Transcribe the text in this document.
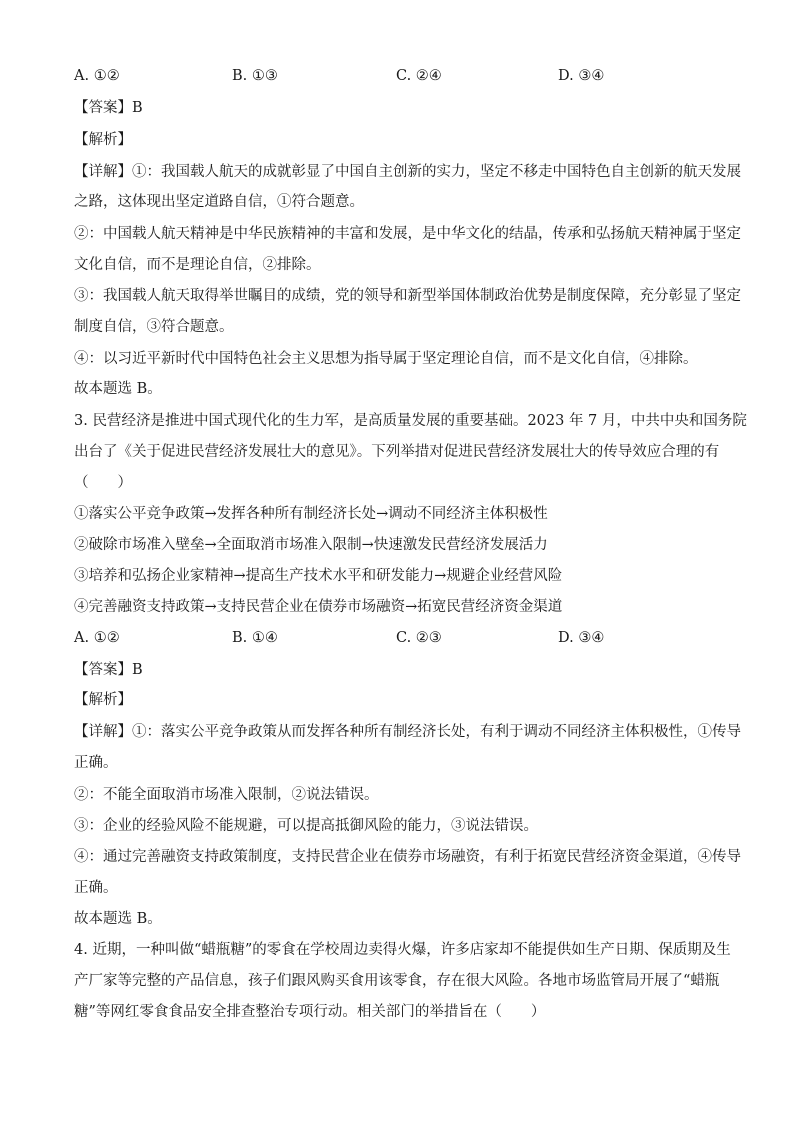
A. ①②	B. ①③	C. ②④	D. ③④
【答案】B
【解析】
【详解】①：我国载人航天的成就彰显了中国自主创新的实力，坚定不移走中国特色自主创新的航天发展
之路，这体现出坚定道路自信，①符合题意。
②：中国载人航天精神是中华民族精神的丰富和发展，是中华文化的结晶，传承和弘扬航天精神属于坚定
文化自信，而不是理论自信，②排除。
③：我国载人航天取得举世瞩目的成绩，党的领导和新型举国体制政治优势是制度保障，充分彰显了坚定
制度自信，③符合题意。
④：以习近平新时代中国特色社会主义思想为指导属于坚定理论自信，而不是文化自信，④排除。
故本题选 B。
3. 民营经济是推进中国式现代化的生力军，是高质量发展的重要基础。2023 年 7 月，中共中央和国务院
出台了《关于促进民营经济发展壮大的意见》。下列举措对促进民营经济发展壮大的传导效应合理的有
（　　）
①落实公平竞争政策→发挥各种所有制经济长处→调动不同经济主体积极性
②破除市场准入壁垒→全面取消市场准入限制→快速激发民营经济发展活力
③培养和弘扬企业家精神→提高生产技术水平和研发能力→规避企业经营风险
④完善融资支持政策→支持民营企业在债券市场融资→拓宽民营经济资金渠道
A. ①②	B. ①④	C. ②③	D. ③④
【答案】B
【解析】
【详解】①：落实公平竞争政策从而发挥各种所有制经济长处，有利于调动不同经济主体积极性，①传导
正确。
②：不能全面取消市场准入限制，②说法错误。
③：企业的经验风险不能规避，可以提高抵御风险的能力，③说法错误。
④：通过完善融资支持政策制度，支持民营企业在债券市场融资，有利于拓宽民营经济资金渠道，④传导
正确。
故本题选 B。
4. 近期，一种叫做“蜡瓶糖”的零食在学校周边卖得火爆，许多店家却不能提供如生产日期、保质期及生
产厂家等完整的产品信息，孩子们跟风购买食用该零食，存在很大风险。各地市场监管局开展了“蜡瓶
糖”等网红零食食品安全排查整治专项行动。相关部门的举措旨在（　　）
